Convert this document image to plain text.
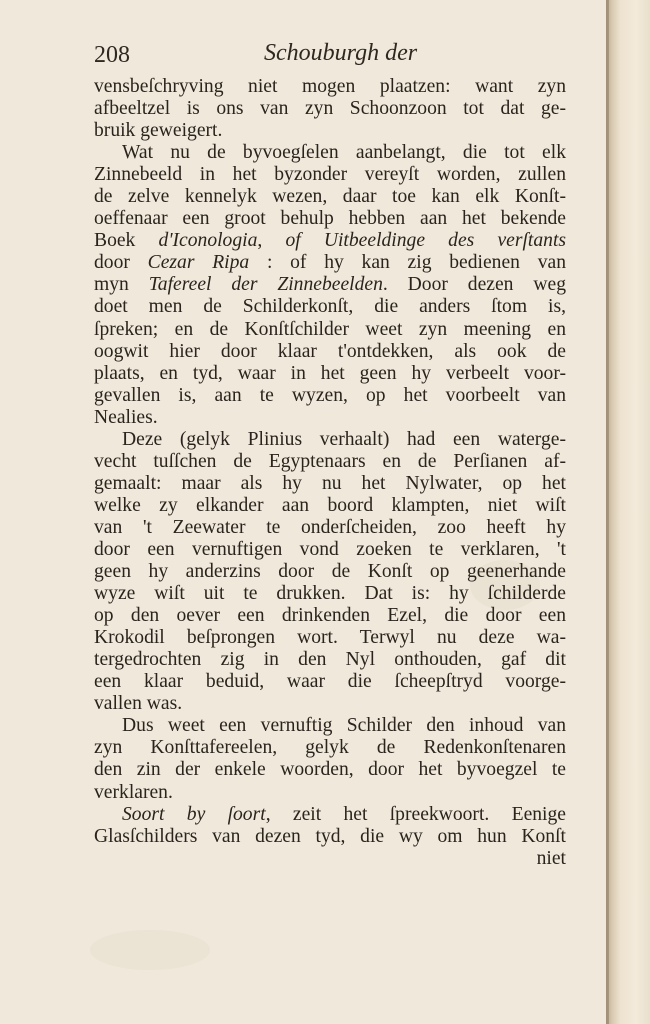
208	Schouburgh der
vensbeſchryving niet mogen plaatzen: want zyn
afbeeltzel is ons van zyn Schoonzoon tot dat ge-
bruik geweigert.
Wat nu de byvoegſelen aanbelangt, die tot elk
Zinnebeeld in het byzonder vereyſt worden, zullen
de zelve kennelyk wezen, daar toe kan elk Konſt-
oeffenaar een groot behulp hebben aan het bekende
Boek d'Iconologia, of Uitbeeldinge des verſtants
door Cezar Ripa : of hy kan zig bedienen van
myn Tafereel der Zinnebeelden. Door dezen weg
doet men de Schilderkonſt, die anders ſtom is,
ſpreken; en de Konſtſchilder weet zyn meening en
oogwit hier door klaar t'ontdekken, als ook de
plaats, en tyd, waar in het geen hy verbeelt voor-
gevallen is, aan te wyzen, op het voorbeelt van
Nealies.
Deze (gelyk Plinius verhaalt) had een waterge-
vecht tuſſchen de Egyptenaars en de Perſianen af-
gemaalt: maar als hy nu het Nylwater, op het
welke zy elkander aan boord klampten, niet wiſt
van 't Zeewater te onderſcheiden, zoo heeft hy
door een vernuftigen vond zoeken te verklaren, 't
geen hy anderzins door de Konſt op geenerhande
wyze wiſt uit te drukken. Dat is: hy ſchilderde
op den oever een drinkenden Ezel, die door een
Krokodil beſprongen wort. Terwyl nu deze wa-
tergedrochten zig in den Nyl onthouden, gaf dit
een klaar beduid, waar die ſcheepſtryd voorge-
vallen was.
Dus weet een vernuftig Schilder den inhoud van
zyn Konſttafereelen, gelyk de Redenkonſtenaren
den zin der enkele woorden, door het byvoegzel te
verklaren.
Soort by ſoort, zeit het ſpreekwoort. Eenige
Glasſchilders van dezen tyd, die wy om hun Konſt
niet
